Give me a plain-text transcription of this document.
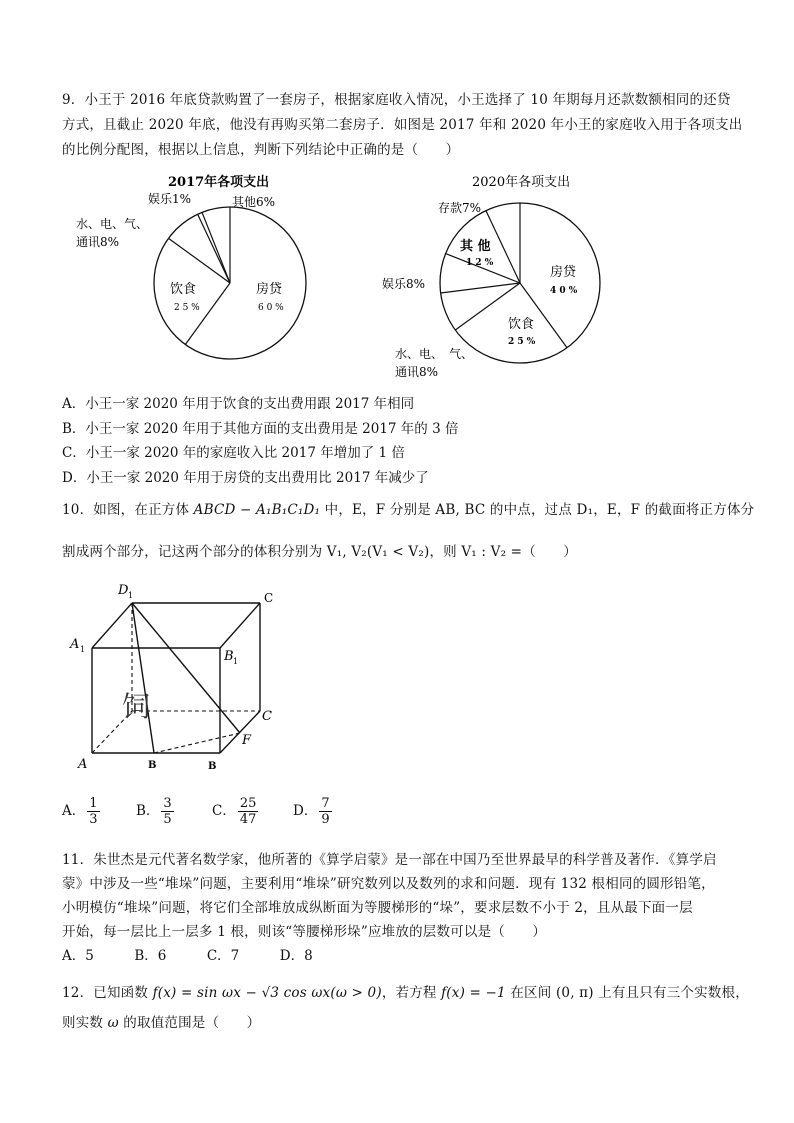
9．小王于 2016 年底贷款购置了一套房子，根据家庭收入情况，小王选择了 10 年期每月还款数额相同的还贷
方式，且截止 2020 年底，他没有再购买第二套房子．如图是 2017 年和 2020 年小王的家庭收入用于各项支出
的比例分配图，根据以上信息，判断下列结论中正确的是（　　）
2017年各项支出
娱乐1%	其他6%
水、电、气、
通讯8%
饮食
2 5 %
房贷
6 0 %
2020年各项支出
存款7%
其 他
1 2 %
娱乐8%
房贷
4 0 %
饮食
2 5 %
水、电、　气、
通讯8%
A．小王一家 2020 年用于饮食的支出费用跟 2017 年相同
B．小王一家 2020 年用于其他方面的支出费用是 2017 年的 3 倍
C．小王一家 2020 年的家庭收入比 2017 年增加了 1 倍
D．小王一家 2020 年用于房贷的支出费用比 2017 年减少了
10．如图，在正方体 ABCD − A₁B₁C₁D₁ 中，E，F 分别是 AB, BC 的中点，过点 D₁，E，F 的截面将正方体分
割成两个部分，记这两个部分的体积分别为 V₁, V₂(V₁ < V₂)，则 V₁ : V₂ =（　　）
D 1	C
A 1	B 1
饲	C
F
A	B	B
A． $\frac{1}{3}$	B． $\frac{3}{5}$	C． $\frac{25}{47}$	D． $\frac{7}{9}$
11．朱世杰是元代著名数学家，他所著的《算学启蒙》是一部在中国乃至世界最早的科学普及著作．《算学启
蒙》中涉及一些“堆垛”问题，主要利用“堆垛”研究数列以及数列的求和问题．现有 132 根相同的圆形铅笔，
小明模仿“堆垛”问题，将它们全部堆放成纵断面为等腰梯形的“垛”，要求层数不小于 2，且从最下面一层
开始，每一层比上一层多 1 根，则该“等腰梯形垛”应堆放的层数可以是（　　）
A．5　　　B．6　　　C．7　　　D．8
12．已知函数 f(x) = sin ωx − √3 cos ωx(ω > 0)，若方程 f(x) = −1 在区间 (0, π) 上有且只有三个实数根，
则实数 ω 的取值范围是（　　）
